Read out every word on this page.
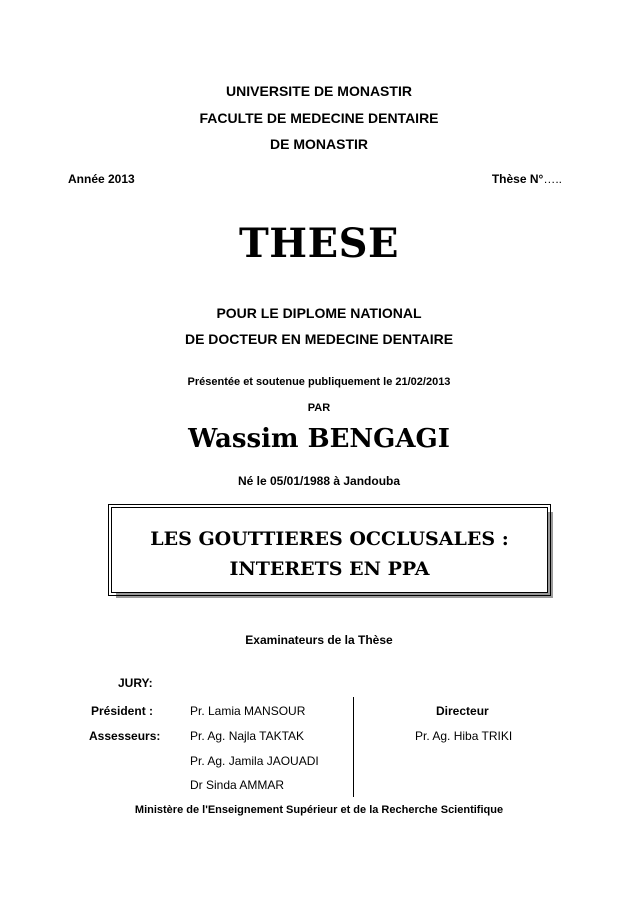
UNIVERSITE DE MONASTIR
FACULTE DE MEDECINE DENTAIRE
DE MONASTIR
Année 2013	Thèse N°…..
THESE
POUR LE DIPLOME NATIONAL
DE DOCTEUR EN MEDECINE DENTAIRE
Présentée et soutenue publiquement le 21/02/2013
PAR
Wassim BENGAGI
Né le 05/01/1988 à Jandouba
LES GOUTTIERES OCCLUSALES :
INTERETS EN PPA
Examinateurs de la Thèse
JURY:
Président :
Assesseurs:
Pr. Lamia MANSOUR
Pr. Ag. Najla TAKTAK
Pr. Ag. Jamila JAOUADI
Dr Sinda AMMAR
Directeur
Pr. Ag. Hiba TRIKI
Ministère de l'Enseignement Supérieur et de la Recherche Scientifique
